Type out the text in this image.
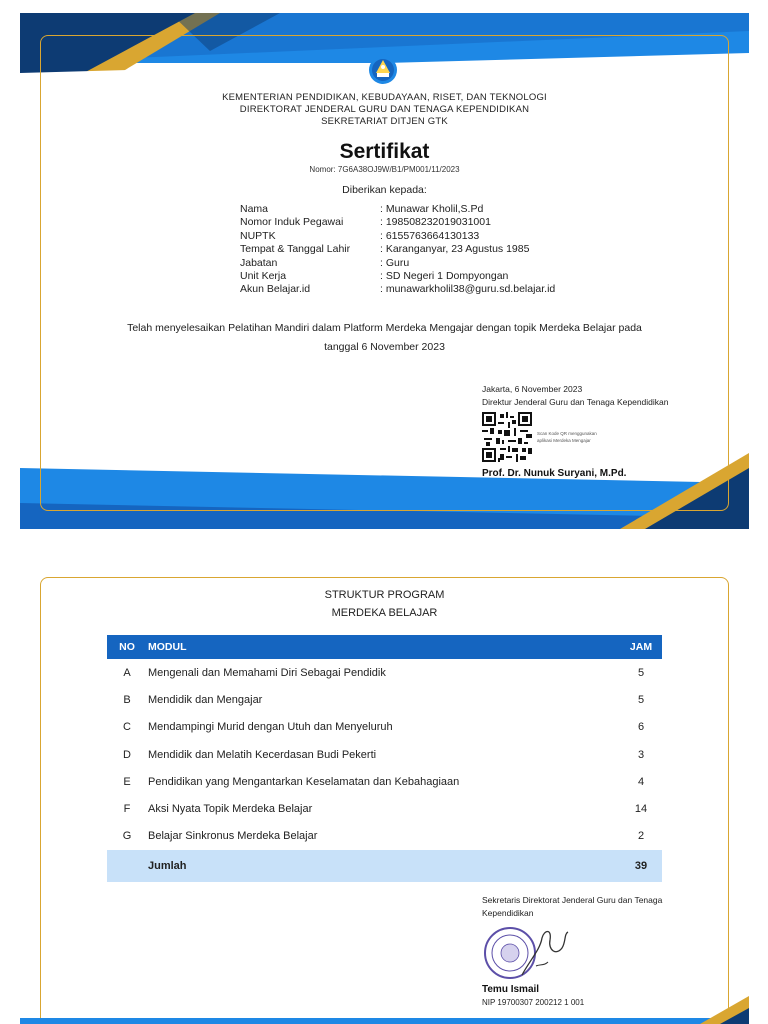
KEMENTERIAN PENDIDIKAN, KEBUDAYAAN, RISET, DAN TEKNOLOGI
DIREKTORAT JENDERAL GURU DAN TENAGA KEPENDIDIKAN
SEKRETARIAT DITJEN GTK
Sertifikat
Nomor: 7G6A38OJ9W/B1/PM001/11/2023
Diberikan kepada:
Nama	: Munawar Kholil,S.Pd
Nomor Induk Pegawai	: 198508232019031001
NUPTK	: 6155763664130133
Tempat & Tanggal Lahir	: Karanganyar, 23 Agustus 1985
Jabatan	: Guru
Unit Kerja	: SD Negeri 1 Dompyongan
Akun Belajar.id	: munawarkholil38@guru.sd.belajar.id
Telah menyelesaikan Pelatihan Mandiri dalam Platform Merdeka Mengajar dengan topik Merdeka Belajar pada
tanggal 6 November 2023
Jakarta, 6 November 2023
Direktur Jenderal Guru dan Tenaga Kependidikan
Scan Kode QR menggunakan
aplikasi Merdeka Mengajar
Prof. Dr. Nunuk Suryani, M.Pd.
STRUKTUR PROGRAM
MERDEKA BELAJAR
NO	MODUL	JAM
A	Mengenali dan Memahami Diri Sebagai Pendidik	5
B	Mendidik dan Mengajar	5
C	Mendampingi Murid dengan Utuh dan Menyeluruh	6
D	Mendidik dan Melatih Kecerdasan Budi Pekerti	3
E	Pendidikan yang Mengantarkan Keselamatan dan Kebahagiaan	4
F	Aksi Nyata Topik Merdeka Belajar	14
G	Belajar Sinkronus Merdeka Belajar	2
	Jumlah	39
Sekretaris Direktorat Jenderal Guru dan Tenaga
Kependidikan
Temu Ismail
NIP 19700307 200212 1 001
